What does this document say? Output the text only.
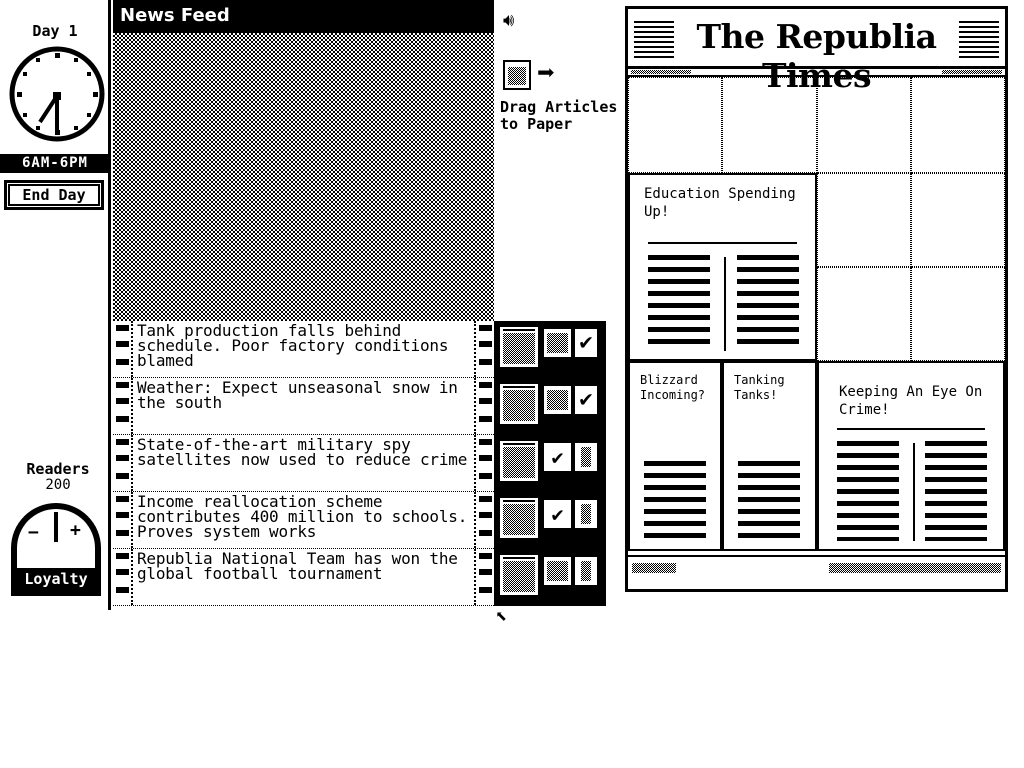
Day 1
6AM-6PM
End Day
Readers
200
− +
0
Loyalty
News Feed
Tank production falls behind schedule. Poor factory conditions blamed
✔
Weather: Expect unseasonal snow in the south	✔
State-of-the-art military spy satellites now used to reduce crime	✔
Income reallocation scheme contributes 400 million to schools. Proves system works
✔
Republia National Team has won the global football tournament
🔊︎
➡
Drag Articles
to Paper
The Republia Times
Education Spending Up!
Blizzard Incoming?
Tanking Tanks!	Keeping An Eye On Crime!
⬉
